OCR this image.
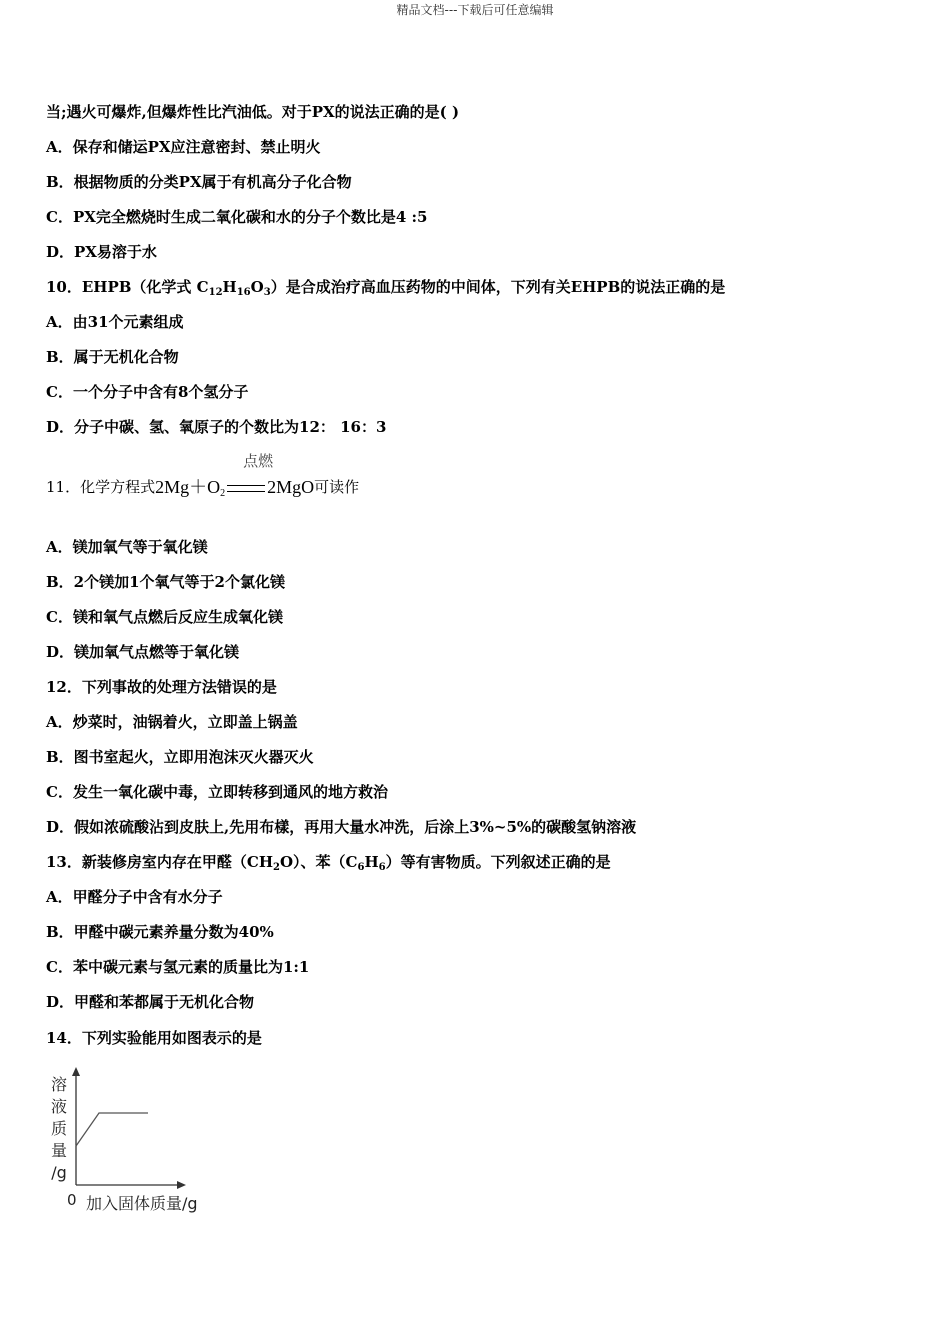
精品文档---下载后可任意编辑
当;遇火可爆炸,但爆炸性比汽油低。对于PX的说法正确的是( )
A．保存和储运PX应注意密封、禁止明火
B．根据物质的分类PX属于有机高分子化合物
C．PX完全燃烧时生成二氧化碳和水的分子个数比是4 :5
D．PX易溶于水
10．EHPB（化学式 $C_{12}H_{16}O_3$）是合成治疗高血压药物的中间体，下列有关EHPB的说法正确的是
A．由31个元素组成
B．属于无机化合物
C．一个分子中含有8个氢分子
D．分子中碳、氢、氧原子的个数比为12： 16：3
11．化学方程式$2Mg+O_2$
点燃
2MgO可读作
A．镁加氧气等于氧化镁
B．2个镁加1个氧气等于2个氯化镁
C．镁和氧气点燃后反应生成氧化镁
D．镁加氧气点燃等于氧化镁
12．下列事故的处理方法错误的是
A．炒菜时，油锅着火，立即盖上锅盖
B．图书室起火，立即用泡沫灭火器灭火
C．发生一氧化碳中毒，立即转移到通风的地方救治
D．假如浓硫酸沾到皮肤上,先用布樣，再用大量水冲洗，后涂上3%~5%的碳酸氢钠溶液
13．新装修房室内存在甲醛$(CH_2O)$、苯$(C_6H_6)$等有害物质。下列叙述正确的是
A．甲醛分子中含有水分子
B．甲醛中碳元素养量分数为40%
C．苯中碳元素与氢元素的质量比为1:1
D．甲醛和苯都属于无机化合物
14．下列实验能用如图表示的是
溶
液
质
量
/g
0 加入固体质量/g
